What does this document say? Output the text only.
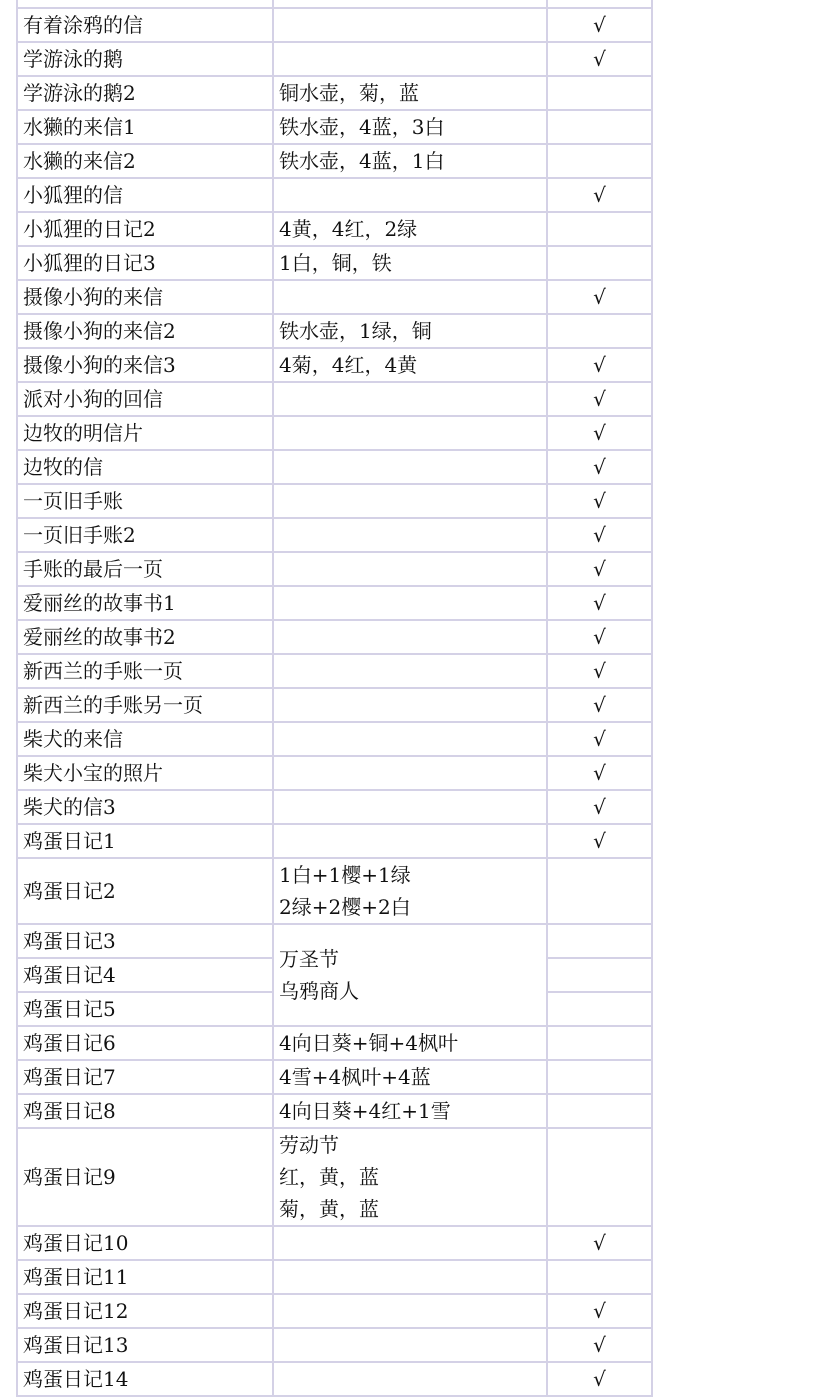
有着涂鸦的信		√
学游泳的鹅		√
学游泳的鹅2	铜水壶，菊，蓝	
水獭的来信1	铁水壶，4蓝，3白	
水獭的来信2	铁水壶，4蓝，1白	
小狐狸的信		√
小狐狸的日记2	4黄，4红，2绿	
小狐狸的日记3	1白，铜，铁	
摄像小狗的来信		√
摄像小狗的来信2	铁水壶，1绿，铜	
摄像小狗的来信3	4菊，4红，4黄	√
派对小狗的回信		√
边牧的明信片		√
边牧的信		√
一页旧手账		√
一页旧手账2		√
手账的最后一页		√
爱丽丝的故事书1		√
爱丽丝的故事书2		√
新西兰的手账一页		√
新西兰的手账另一页		√
柴犬的来信		√
柴犬小宝的照片		√
柴犬的信3		√
鸡蛋日记1		√
鸡蛋日记2	1白+1樱+1绿
2绿+2樱+2白	

鸡蛋日记3	万圣节
乌鸦商人	

鸡蛋日记4		
鸡蛋日记5		
鸡蛋日记6	4向日葵+铜+4枫叶	
鸡蛋日记7	4雪+4枫叶+4蓝	
鸡蛋日记8	4向日葵+4红+1雪	
鸡蛋日记9	劳动节
红，黄，蓝
菊，黄，蓝	

鸡蛋日记10		√
鸡蛋日记11		
鸡蛋日记12		√
鸡蛋日记13		√
鸡蛋日记14		√
